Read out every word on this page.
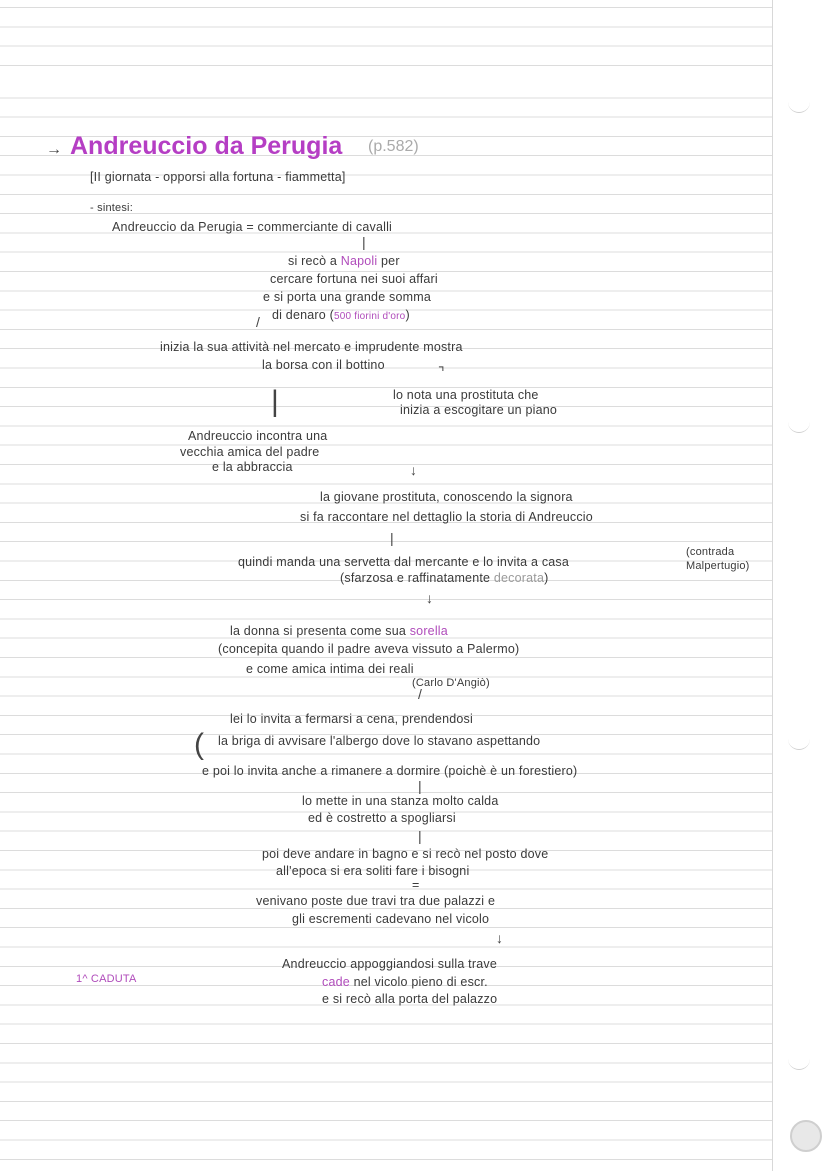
→ Andreuccio da Perugia (p.582)
[II giornata - opporsi alla fortuna - fiammetta]
- sintesi:
Andreuccio da Perugia = commerciante di cavalli
|
si recò a Napoli per
cercare fortuna nei suoi affari
e si porta una grande somma
di denaro (500 fiorini d'oro)
/
inizia la sua attività nel mercato e imprudente mostra
la borsa con il bottino	⌝
|	lo nota una prostituta che
inizia a escogitare un piano
Andreuccio incontra una
vecchia amica del padre
e la abbraccia	↓
la giovane prostituta, conoscendo la signora
si fa raccontare nel dettaglio la storia di Andreuccio
|
quindi manda una servetta dal mercante e lo invita a casa
(contrada
Malpertugio)
(sfarzosa e raffinatamente decorata)
↓
la donna si presenta come sua sorella
(concepita quando il padre aveva vissuto a Palermo)
e come amica intima dei reali
(Carlo D'Angiò)
/
lei lo invita a fermarsi a cena, prendendosi
( la briga di avvisare l'albergo dove lo stavano aspettando
e poi lo invita anche a rimanere a dormire (poichè è un forestiero)
|
lo mette in una stanza molto calda
ed è costretto a spogliarsi
|
poi deve andare in bagno e si recò nel posto dove
all'epoca si era soliti fare i bisogni
=
venivano poste due travi tra due palazzi e
gli escrementi cadevano nel vicolo
↓
Andreuccio appoggiandosi sulla trave
cade nel vicolo pieno di escr.
e si recò alla porta del palazzo
1^ CADUTA
